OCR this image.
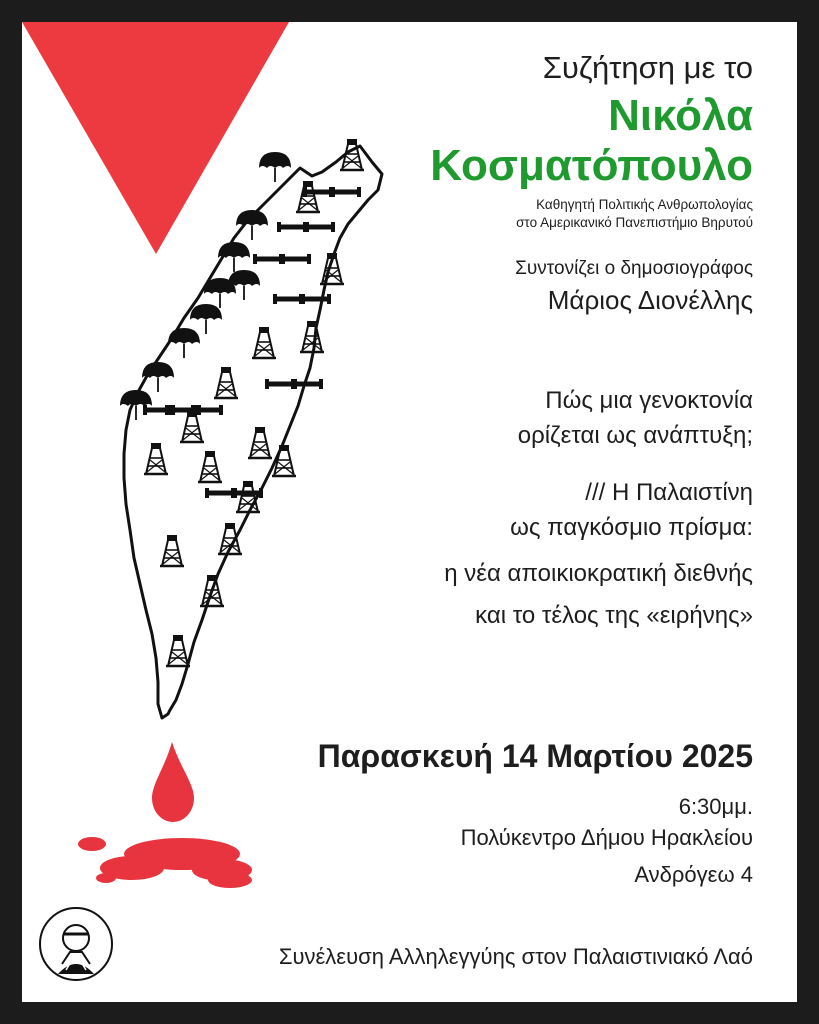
Συζήτηση με το
Νικόλα
Κοσματόπουλο
Καθηγητή Πολιτικής Ανθρωπολογίας
στο Αμερικανικό Πανεπιστήμιο Βηρυτού
Συντονίζει ο δημοσιογράφος
Μάριος Διονέλλης
Πώς μια γενοκτονία
ορίζεται ως ανάπτυξη;
/// Η Παλαιστίνη
ως παγκόσμιο πρίσμα:
η νέα αποικιοκρατική διεθνής
και το τέλος της «ειρήνης»
Παρασκευή 14 Μαρτίου 2025
6:30μμ.
Πολύκεντρο Δήμου Ηρακλείου
Ανδρόγεω 4
Συνέλευση Αλληλεγγύης στον Παλαιστινιακό Λαό
